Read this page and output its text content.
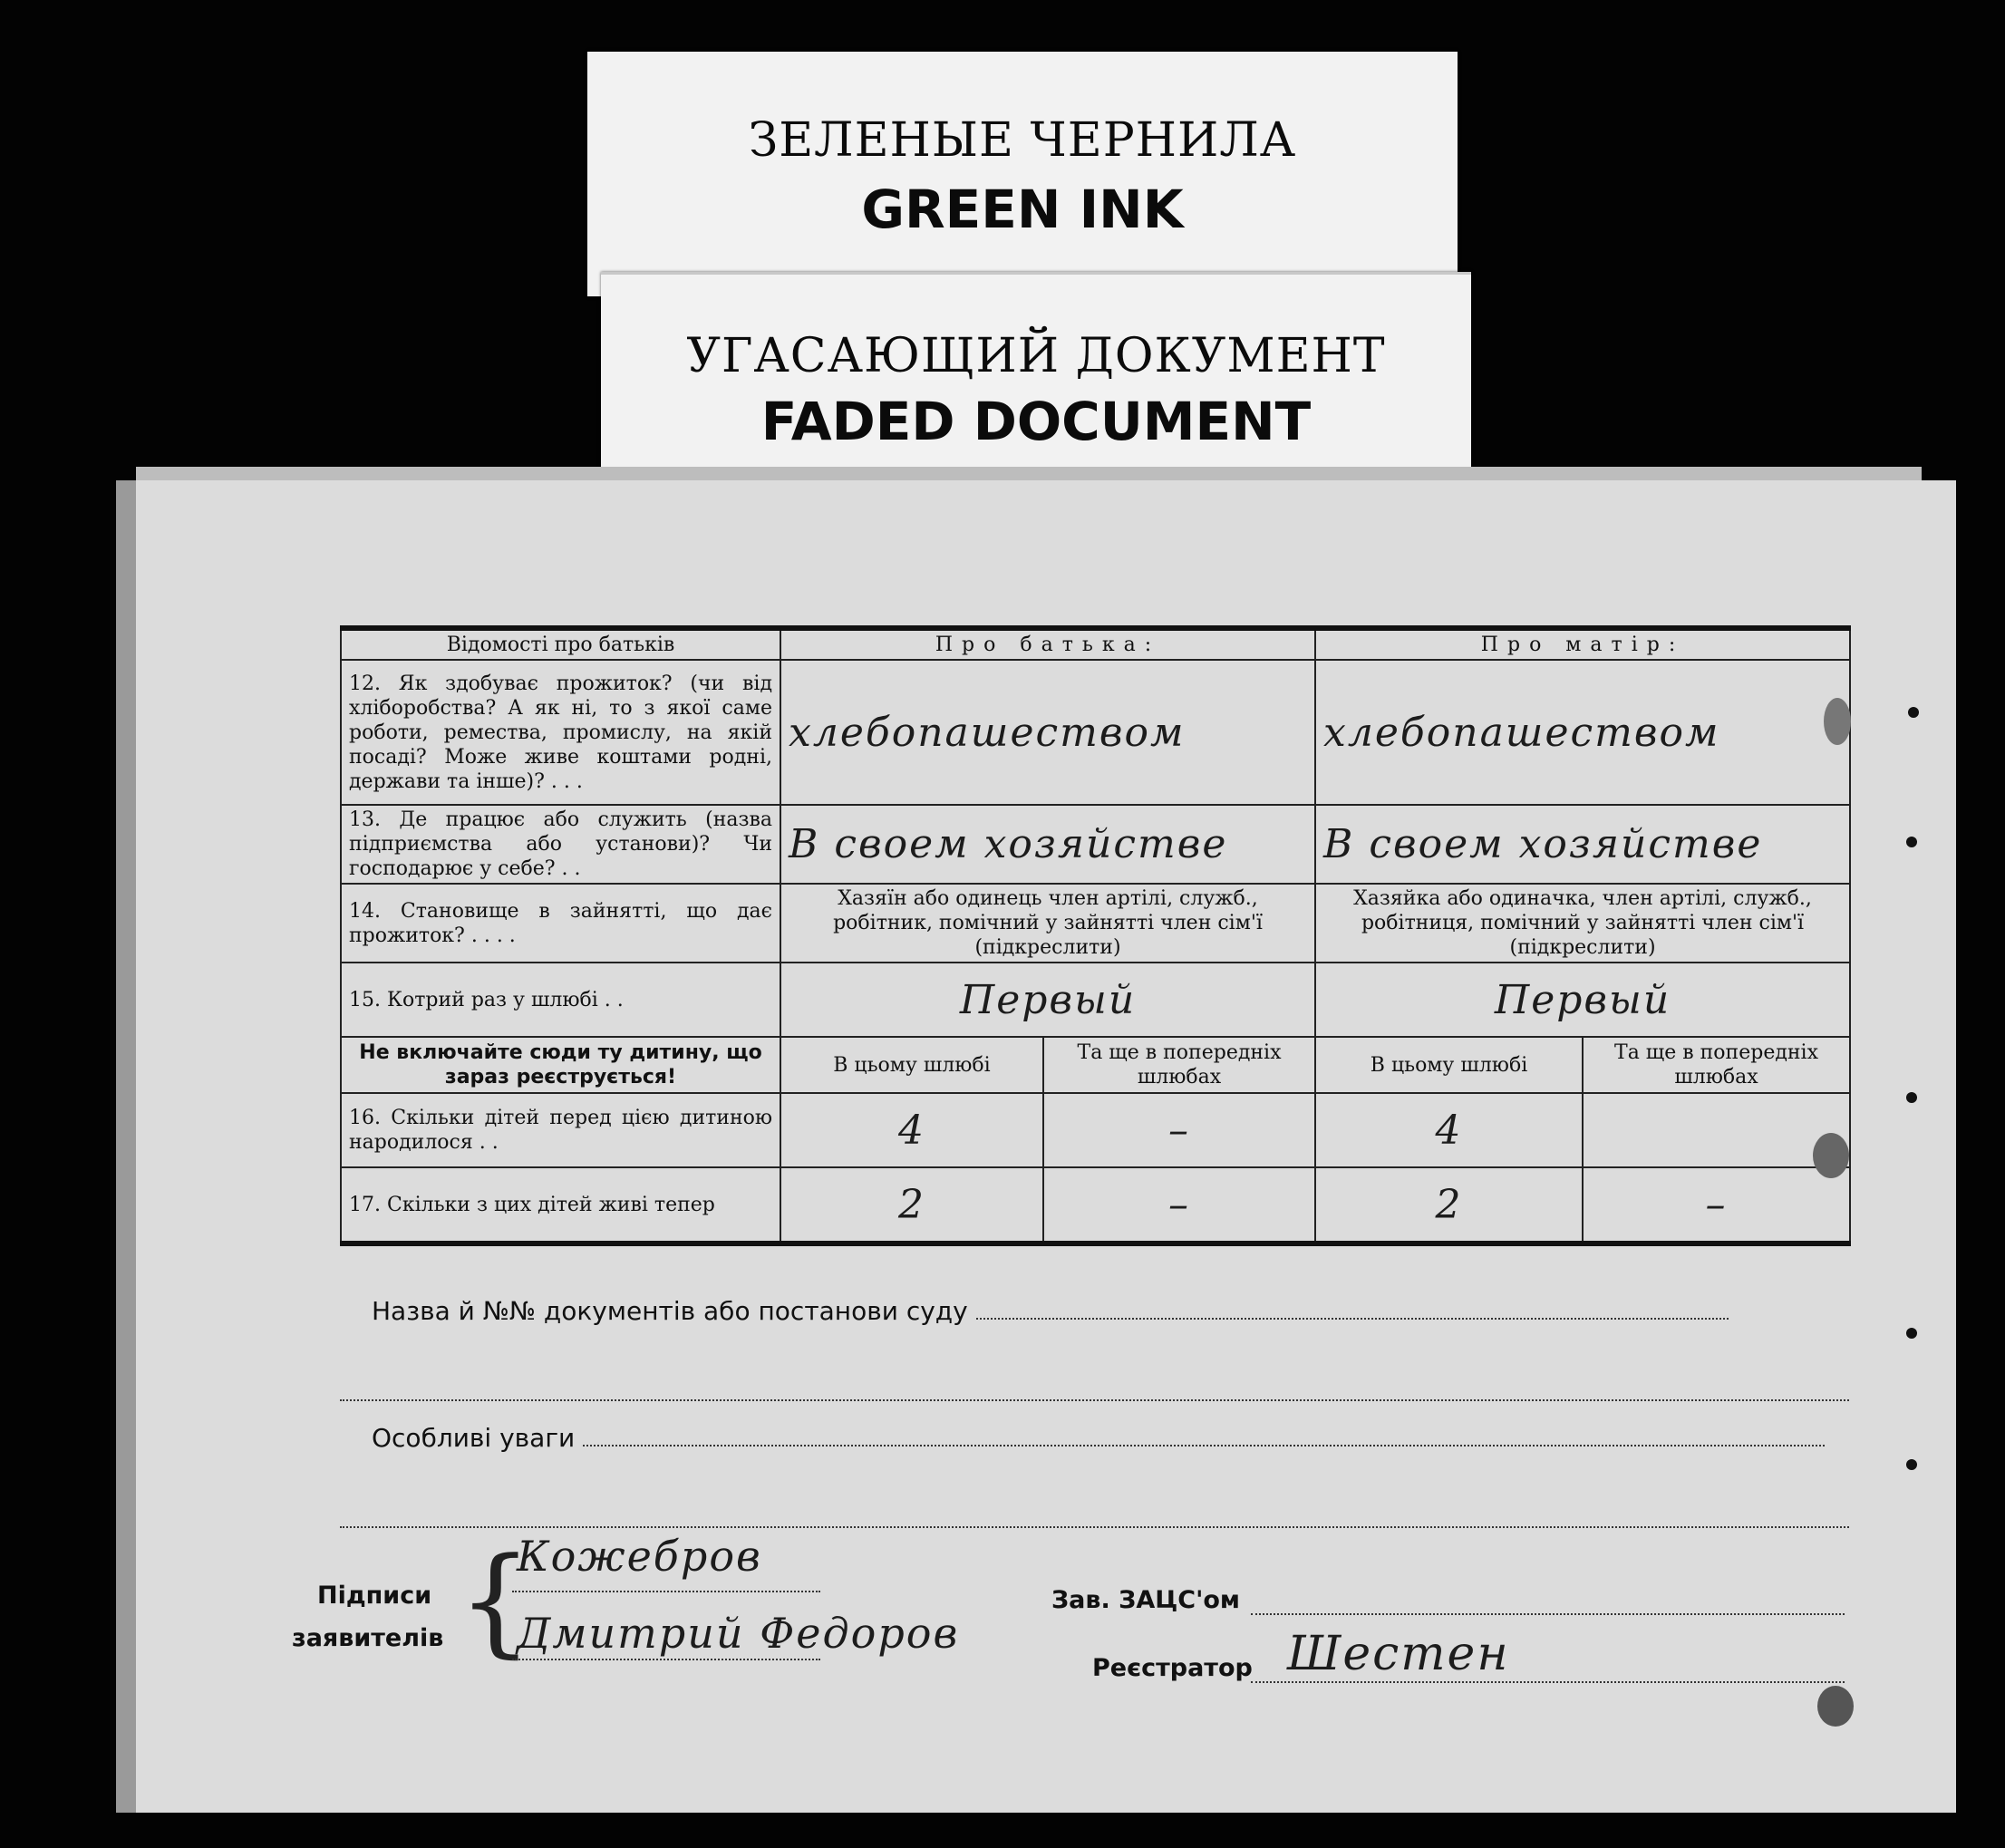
ЗЕЛЕНЫЕ ЧЕРНИЛА
GREEN INK
УГАСАЮЩИЙ ДОКУМЕНТ
FADED DOCUMENT
Відомості про батьків	Про батька:		Про матір:	
12. Як здобуває прожиток? (чи від хліборобства? А як ні, то з якої саме роботи, ремества, промислу, на якій посаді? Може живе коштами родні, держави та інше)? . . .	хлебопашеством		хлебопашеством	
13. Де працює або служить (назва підприємства або установи)? Чи господарює у себе? . .	В своем хозяйстве		В своем хозяйстве	
14. Становище в зайнятті, що дає прожиток? . . . .	Хазяїн або одинець член артілі, служб., робітник, помічний у зайнятті член сім'ї (підкреслити)		Хазяйка або одиначка, член артілі, служб., робітниця, помічний у зайнятті член сім'ї (підкреслити)	
15. Котрий раз у шлюбі . .	Первый		Первый	
Не включайте сюди ту дитину, що зараз реєструється!	В цьому шлюбі	Та ще в попередніх шлюбах	В цьому шлюбі	Та ще в попередніх шлюбах
16. Скільки дітей перед цією дитиною народилося . .	4	–	4	
17. Скільки з цих дітей живі тепер	2	–	2	–
Назва й №№ документів або постанови суду
Особливі уваги
Підписи
заявителів {
Кожебров
Дмитрий Федоров
Зав. ЗАЦС'ом
Реєстратор Шестен
